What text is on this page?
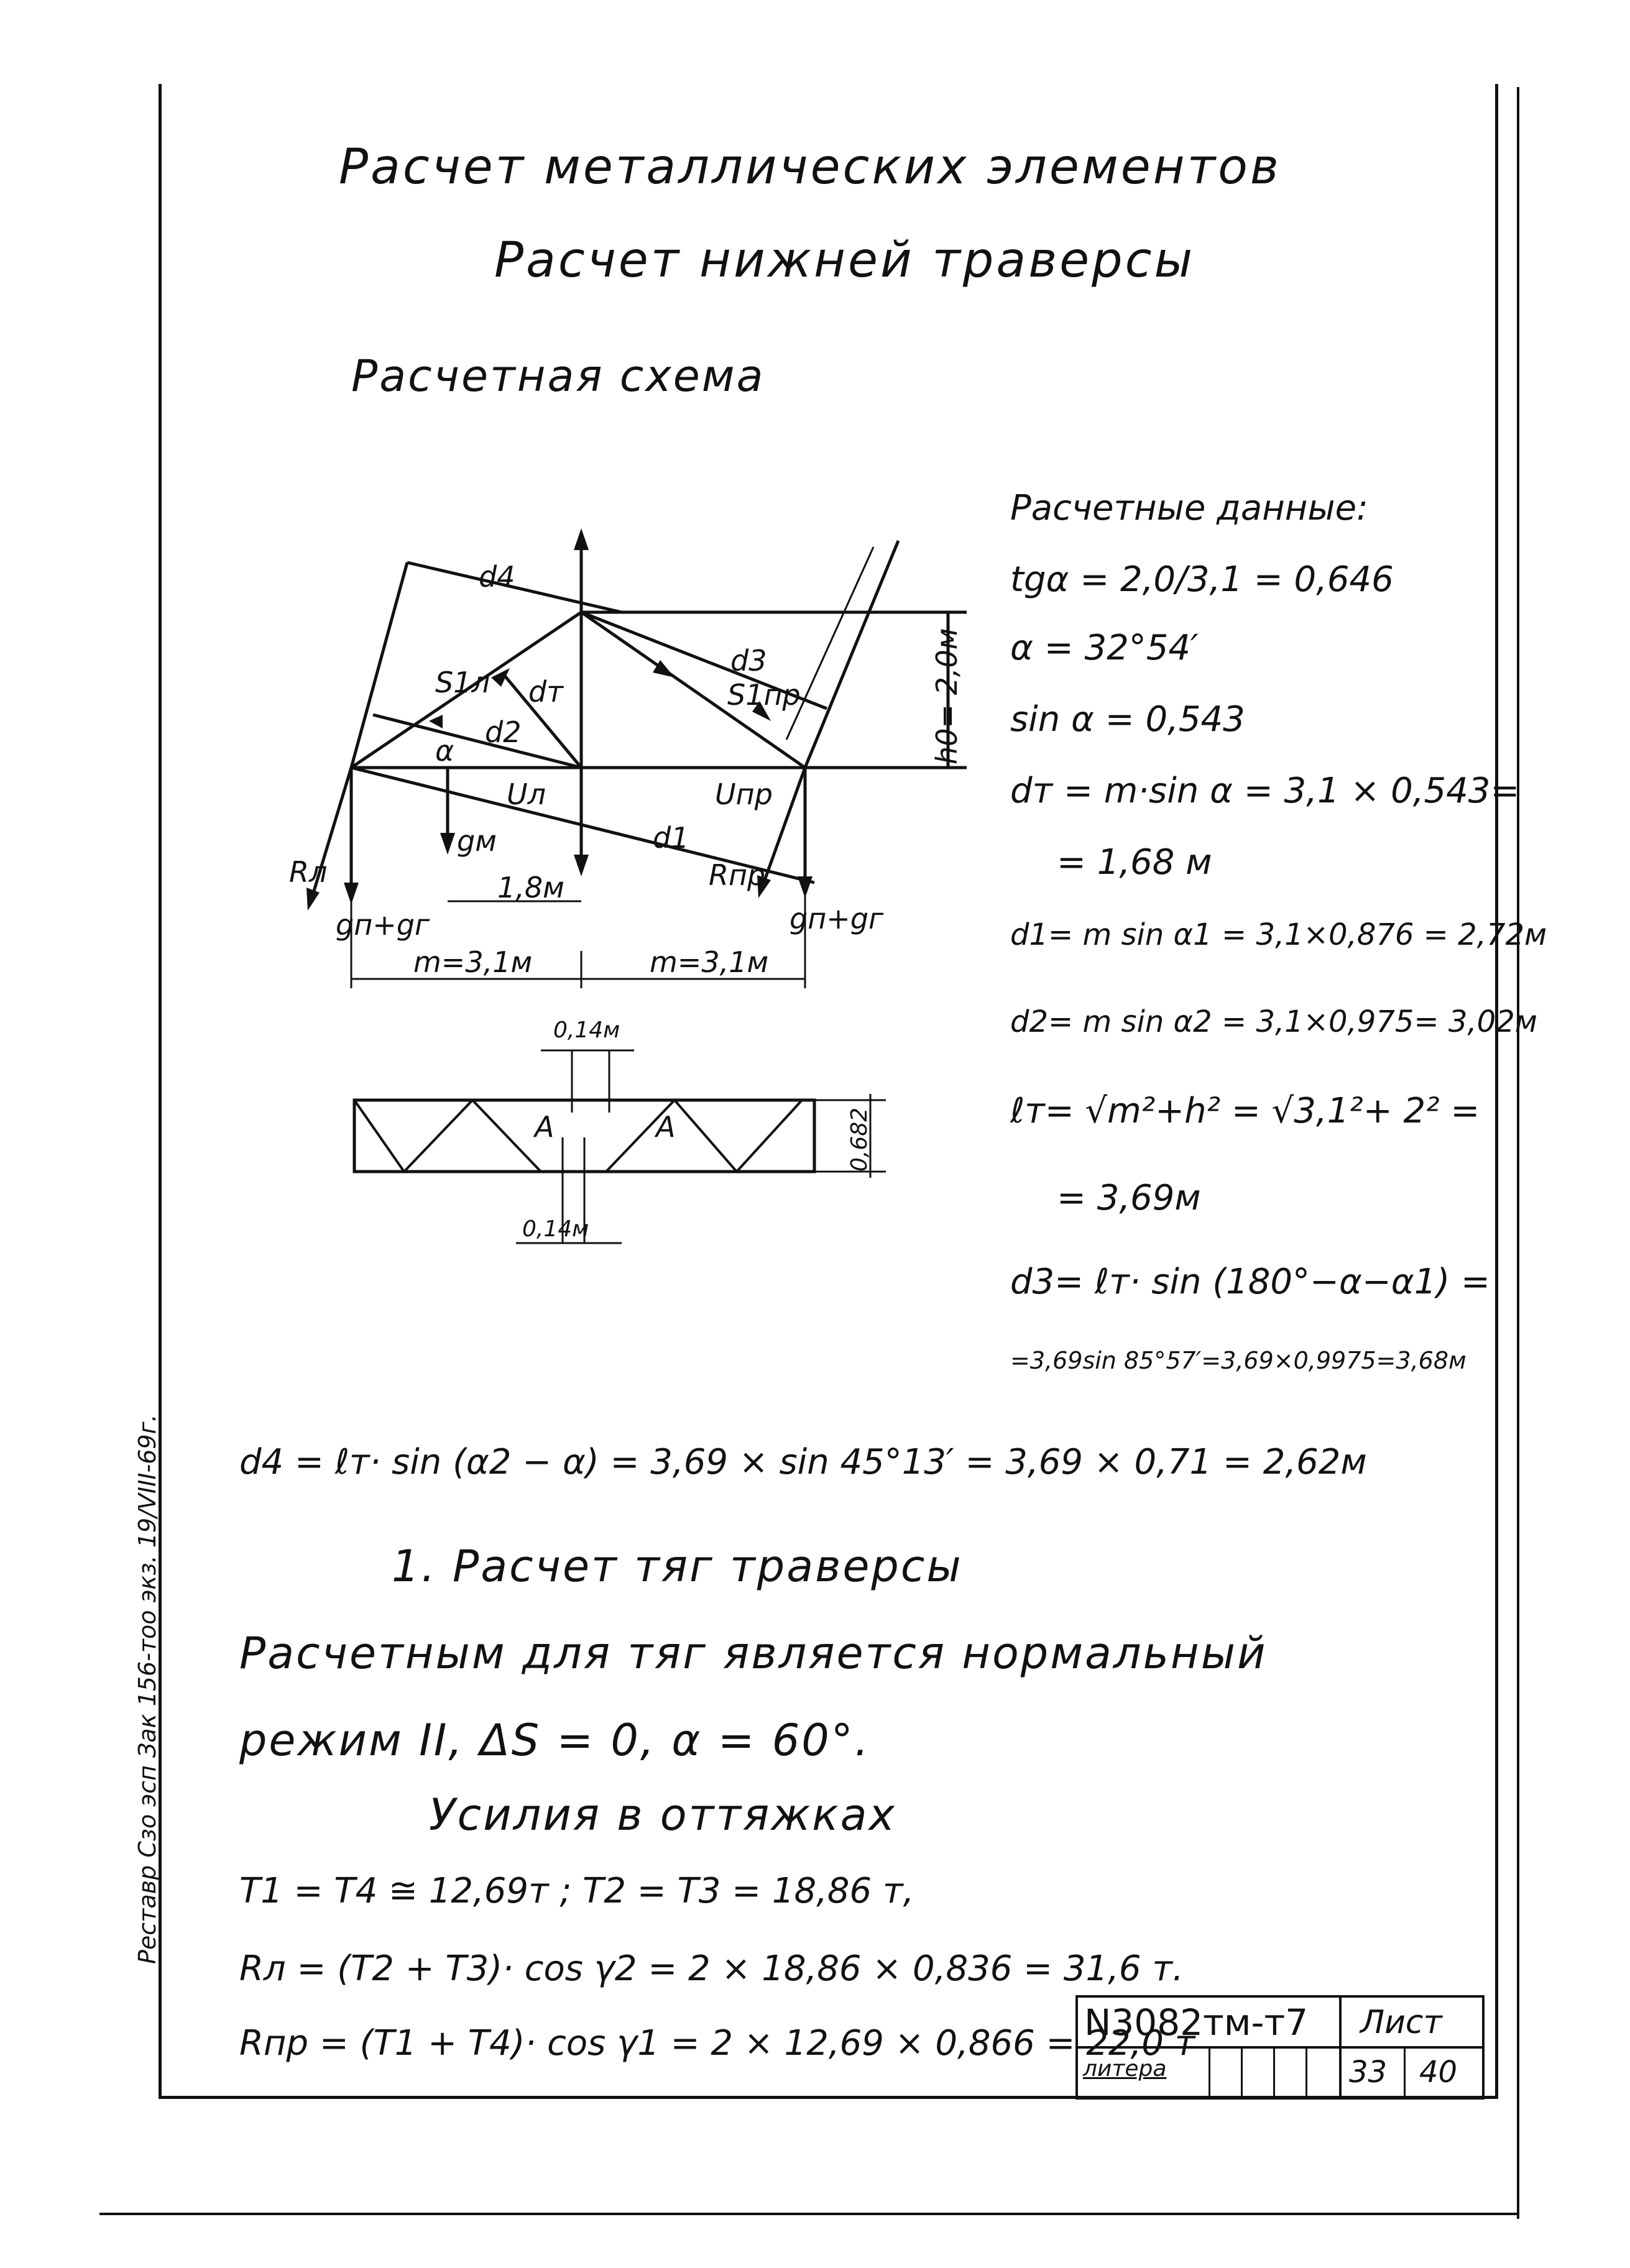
Расчет металлических элементов
Расчет нижней траверсы
Расчетная схема
d4
d3
S1л	S1пр
dт
d2
α
Uл	Uпр
d1
gм
Rл	Rпр
gп+gг	gп+gг
1,8м
h0= 2,0м
m=3,1м	m=3,1м
0,14м
0,14м
0,682
А	А
Расчетные данные:
tgα = 2,0/3,1 = 0,646
α = 32°54′
sin α = 0,543
dт = m·sin α = 3,1 × 0,543=
= 1,68 м
d1= m sin α1 = 3,1×0,876 = 2,72м
d2= m sin α2 = 3,1×0,975= 3,02м
ℓт= √m²+h² = √3,1²+ 2² =
= 3,69м
d3= ℓт· sin (180°−α−α1) =
=3,69sin 85°57′=3,69×0,9975=3,68м
d4 = ℓт· sin (α2 − α) = 3,69 × sin 45°13′ = 3,69 × 0,71 = 2,62м
1. Расчет тяг траверсы
Расчетным для тяг является нормальный
режим II, ΔS = 0, α = 60°.
Усилия в оттяжках
T1 = T4 ≅ 12,69т ; T2 = T3 = 18,86 т,
Rл = (T2 + T3)· cos γ2 = 2 × 18,86 × 0,836 = 31,6 т.
Rпр = (T1 + T4)· cos γ1 = 2 × 12,69 × 0,866 = 22,0 т
Реставр Сзо эсп Зак 156-тоо экз. 19/VIII-69г.
N3082тм-т7 Лист
литера	33 40
